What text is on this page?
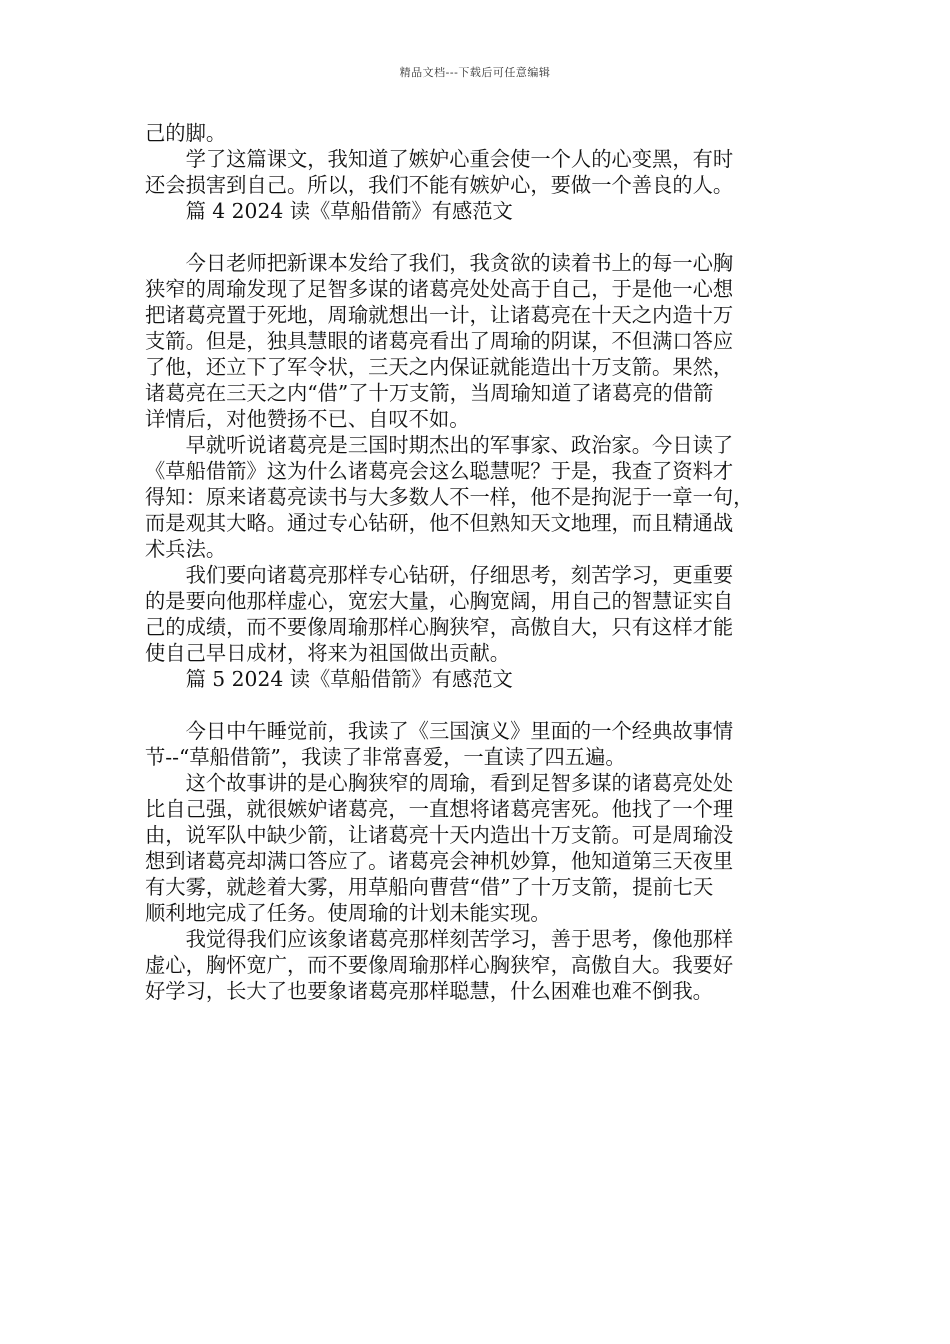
精品文档---下载后可任意编辑
己的脚。
　　学了这篇课文，我知道了嫉妒心重会使一个人的心变黑，有时
还会损害到自己。所以，我们不能有嫉妒心，要做一个善良的人。
　　篇 4 2024 读《草船借箭》有感范文
　　今日老师把新课本发给了我们，我贪欲的读着书上的每一心胸
狭窄的周瑜发现了足智多谋的诸葛亮处处高于自己，于是他一心想
把诸葛亮置于死地，周瑜就想出一计，让诸葛亮在十天之内造十万
支箭。但是，独具慧眼的诸葛亮看出了周瑜的阴谋，不但满口答应
了他，还立下了军令状，三天之内保证就能造出十万支箭。果然，
诸葛亮在三天之内“借”了十万支箭，当周瑜知道了诸葛亮的借箭
详情后，对他赞扬不已、自叹不如。
　　早就听说诸葛亮是三国时期杰出的军事家、政治家。今日读了
《草船借箭》这为什么诸葛亮会这么聪慧呢？于是，我查了资料才
得知：原来诸葛亮读书与大多数人不一样，他不是拘泥于一章一句，
而是观其大略。通过专心钻研，他不但熟知天文地理，而且精通战
术兵法。
　　我们要向诸葛亮那样专心钻研，仔细思考，刻苦学习，更重要
的是要向他那样虚心，宽宏大量，心胸宽阔，用自己的智慧证实自
己的成绩，而不要像周瑜那样心胸狭窄，高傲自大，只有这样才能
使自己早日成材，将来为祖国做出贡献。
　　篇 5 2024 读《草船借箭》有感范文
　　今日中午睡觉前，我读了《三国演义》里面的一个经典故事情
节--“草船借箭”，我读了非常喜爱，一直读了四五遍。
　　这个故事讲的是心胸狭窄的周瑜，看到足智多谋的诸葛亮处处
比自己强，就很嫉妒诸葛亮，一直想将诸葛亮害死。他找了一个理
由，说军队中缺少箭，让诸葛亮十天内造出十万支箭。可是周瑜没
想到诸葛亮却满口答应了。诸葛亮会神机妙算，他知道第三天夜里
有大雾，就趁着大雾，用草船向曹营“借”了十万支箭，提前七天
顺利地完成了任务。使周瑜的计划未能实现。
　　我觉得我们应该象诸葛亮那样刻苦学习，善于思考，像他那样
虚心，胸怀宽广，而不要像周瑜那样心胸狭窄，高傲自大。我要好
好学习，长大了也要象诸葛亮那样聪慧，什么困难也难不倒我。
